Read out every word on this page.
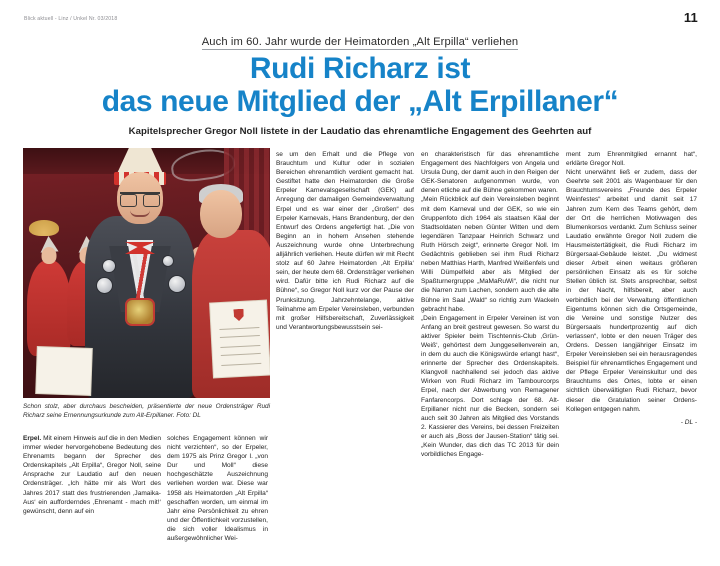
Blick aktuell - Linz / Unkel Nr. 03/2018	11
Auch im 60. Jahr wurde der Heimatorden „Alt Erpilla“ verliehen
Rudi Richarz ist
das neue Mitglied der „Alt Erpillaner“
Kapitelsprecher Gregor Noll listete in der Laudatio das ehrenamtliche Engagement des Geehrten auf
Schon stolz, aber durchaus bescheiden, präsentierte der neue Ordensträger Rudi Richarz seine Ernennungsurkunde zum Alt-Erpillaner. Foto: DL

Erpel. Mit einem Hinweis auf die in den Medien immer wieder hervorgehobene Bedeutung des Ehrenamts begann der Sprecher des Ordenskapitels „Alt Erpilla“, Gregor Noll, seine Ansprache zur Laudatio auf den neuen Ordensträger. „Ich hätte mir als Wort des Jahres 2017 statt des frustrierenden ‚Jamaika-Aus‘ ein aufforderndes ‚Ehrenamt - mach mit!‘ gewünscht, denn auf ein

solches Engagement können wir nicht verzichten“, so der Erpeler, dem 1975 als Prinz Gregor I. „von Dur und Moll“ diese hochgeschätzte Auszeichnung verliehen worden war. Diese war 1958 als Heimatorden „Alt Erpilla“ geschaffen worden, um einmal im Jahr eine Persönlichkeit zu ehren und der Öffentlichkeit vorzustellen, die sich voller Idealismus in außergewöhnlicher Wei-

se um den Erhalt und die Pflege von Brauchtum und Kultur oder in sozialen Bereichen ehrenamtlich verdient gemacht hat. Gestiftet hatte den Heimatorden die Große Erpeler Karnevalsgesellschaft (GEK) auf Anregung der damaligen Gemeindeverwaltung Erpel und es war einer der „Großen“ des Erpeler Karnevals, Hans Brandenburg, der den Entwurf des Ordens angefertigt hat. „Die von Beginn an in hohem Ansehen stehende Auszeichnung wurde ohne Unterbrechung alljährlich verliehen. Heute dürfen wir mit Recht stolz auf 60 Jahre Heimatorden ‚Alt Erpilla‘ sein, der heute dem 68. Ordensträger verliehen wird. Dafür bitte ich Rudi Richarz auf die Bühne“, so Gregor Noll kurz vor der Pause der Prunksitzung. Jahrzehntelange, aktive Teilnahme am Erpeler Vereinsleben, verbunden mit großer Hilfsbereitschaft, Zuverlässigkeit und Verantwortungsbewusstsein sei-

en charakteristisch für das ehrenamtliche Engagement des Nachfolgers von Angela und Ursula Dung, der damit auch in den Reigen der GEK-Senatoren aufgenommen wurde, von denen etliche auf die Bühne gekommen waren.

„Mein Rückblick auf dein Vereinsleben beginnt mit dem Karneval und der GEK, so wie ein Gruppenfoto dich 1964 als staatsen Käal der Stadtsoldaten neben Günter Witten und dem legendären Tanzpaar Heinrich Schwarz und Ruth Hörsch zeigt“, erinnerte Gregor Noll. Im Gedächtnis geblieben sei ihm Rudi Richarz neben Matthias Harth, Manfred Weißenfels und Willi Dümpelfeld aber als Mitglied der Spaßturnergruppe „MaMaRuWi“, die nicht nur die Narren zum Lachen, sondern auch die alte Bühne im Saal „Wald“ so richtig zum Wackeln gebracht habe.

„Dein Engagement in Erpeler Vereinen ist von Anfang an breit gestreut gewesen. So warst du aktiver Spieler beim Tischtennis-Club ‚Grün-Weiß‘, gehörtest dem Junggesellenverein an, in dem du auch die Königswürde erlangt hast“, erinnerte der Sprecher des Ordenskapitels. Klangvoll nachhallend sei jedoch das aktive Wirken von Rudi Richarz im Tambourcorps Erpel, nach der Abwerbung von Remagener Fanfarencorps. Dort schlage der 68. Alt-Erpillaner nicht nur die Becken, sondern sei auch seit 30 Jahren als Mitglied des Vorstands 2. Kassierer des Vereins, bei dessen Freizeiten er auch als „Boss der Jausen-Station“ tätig sei. „Kein Wunder, das dich das TC 2013 für dein vorbildliches Engage-

ment zum Ehrenmitglied ernannt hat“, erklärte Gregor Noll.

Nicht unerwähnt ließ er zudem, dass der Geehrte seit 2001 als Wagenbauer für den Brauchtumsvereins „Freunde des Erpeler Weinfestes“ arbeitet und damit seit 17 Jahren zum Kern des Teams gehört, dem der Ort die herrlichen Motivwagen des Blumenkorsos verdankt. Zum Schluss seiner Laudatio erwähnte Gregor Noll zudem die Hausmeistertätigkeit, die Rudi Richarz im Bürgersaal-Gebäude leistet. „Du widmest dieser Arbeit einen weitaus größeren persönlichen Einsatz als es für solche Stellen üblich ist. Stets ansprechbar, selbst in der Nacht, hilfsbereit, aber auch verbindlich bei der Verwaltung öffentlichen Eigentums können sich die Ortsgemeinde, die Vereine und sonstige Nutzer des Bürgersaals hundertprozentig auf dich verlassen“, lobte er den neuen Träger des Ordens. Dessen langjähriger Einsatz im Erpeler Vereinsleben sei ein herausragendes Beispiel für ehrenamtliches Engagement und der Pflege Erpeler Vereinskultur und des Brauchtums des Ortes, lobte er einen sichtlich überwältigten Rudi Richarz, bevor dieser die Gratulation seiner Ordens-Kollegen entgegen nahm.

- DL -
